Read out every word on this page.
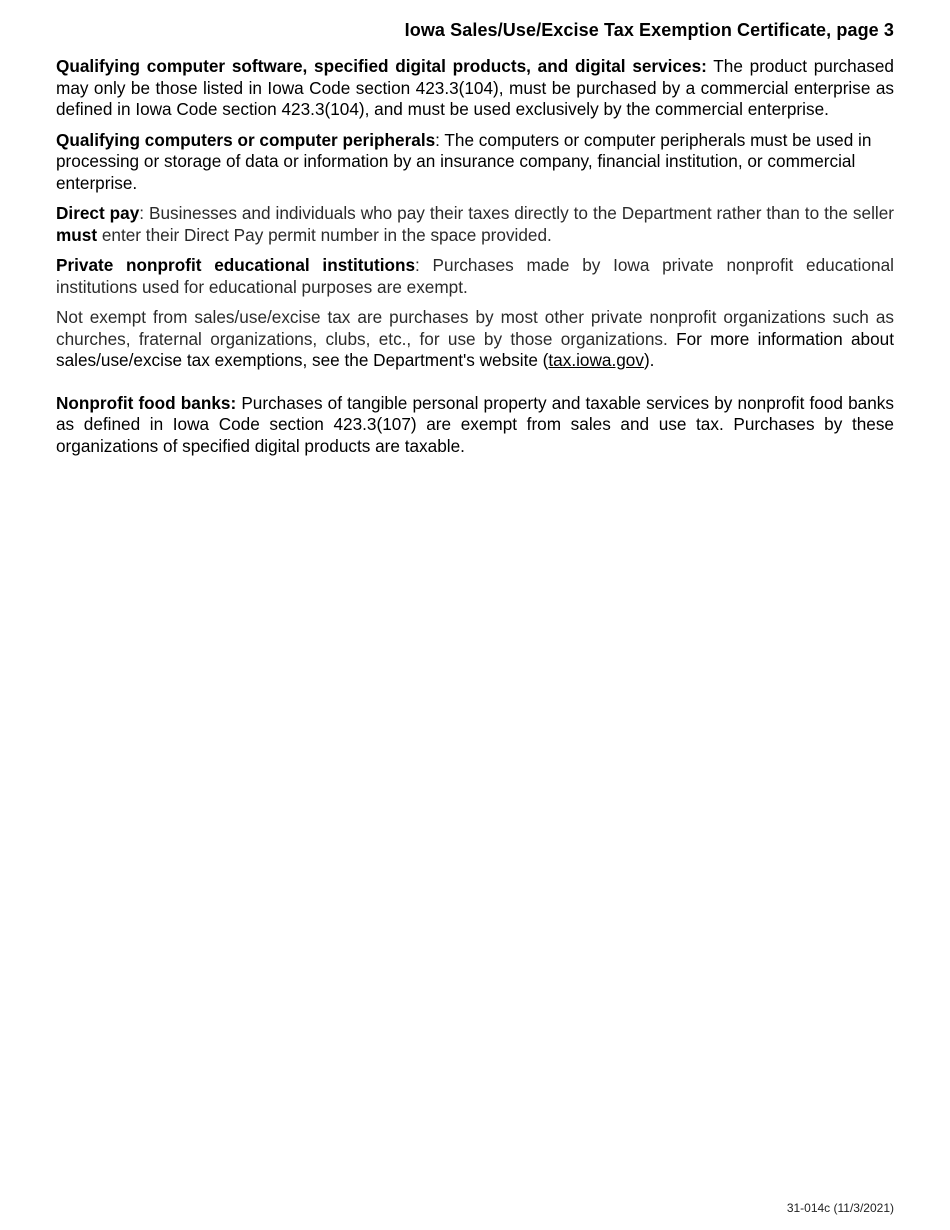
Iowa Sales/Use/Excise Tax Exemption Certificate, page 3

Qualifying computer software, specified digital products, and digital services: The product purchased may only be those listed in Iowa Code section 423.3(104), must be purchased by a commercial enterprise as defined in Iowa Code section 423.3(104), and must be used exclusively by the commercial enterprise.

Qualifying computers or computer peripherals: The computers or computer peripherals must be used in processing or storage of data or information by an insurance company, financial institution, or commercial enterprise.

Direct pay: Businesses and individuals who pay their taxes directly to the Department rather than to the seller must enter their Direct Pay permit number in the space provided.

Private nonprofit educational institutions: Purchases made by Iowa private nonprofit educational institutions used for educational purposes are exempt.

Not exempt from sales/use/excise tax are purchases by most other private nonprofit organizations such as churches, fraternal organizations, clubs, etc., for use by those organizations. For more information about sales/use/excise tax exemptions, see the Department's website (tax.iowa.gov).

Nonprofit food banks: Purchases of tangible personal property and taxable services by nonprofit food banks as defined in Iowa Code section 423.3(107) are exempt from sales and use tax. Purchases by these organizations of specified digital products are taxable.

31-014c (11/3/2021)
